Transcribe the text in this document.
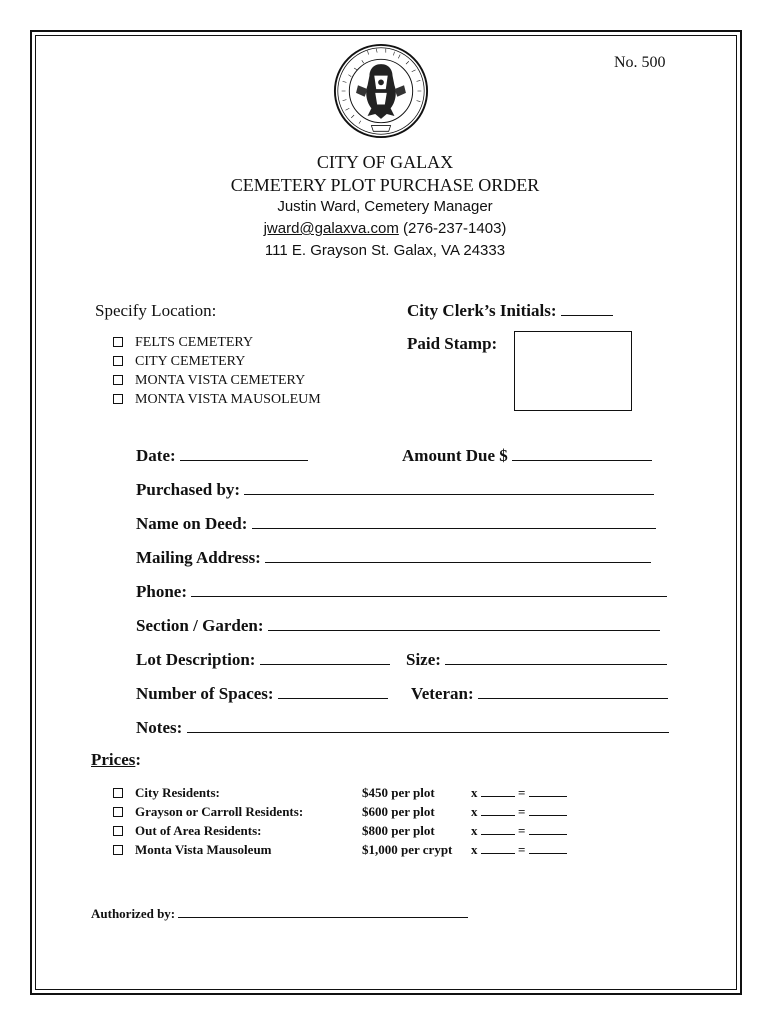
No. 500
CITY OF GALAX
CEMETERY PLOT PURCHASE ORDER
Justin Ward, Cemetery Manager
jward@galaxva.com (276-237-1403)
111 E. Grayson St. Galax, VA 24333
Specify Location:
FELTS CEMETERY
CITY CEMETERY
MONTA VISTA CEMETERY
MONTA VISTA MAUSOLEUM
City Clerk’s Initials:
Paid Stamp:
Date:	Amount Due $
Purchased by:
Name on Deed:
Mailing Address:
Phone:
Section / Garden:
Lot Description:	Size:
Number of Spaces:	Veteran:
Notes:
Prices:
City Residents:	$450 per plot	x	=
Grayson or Carroll Residents:	$600 per plot	x	=
Out of Area Residents:	$800 per plot	x	=
Monta Vista Mausoleum	$1,000 per crypt x	=
Authorized by:
